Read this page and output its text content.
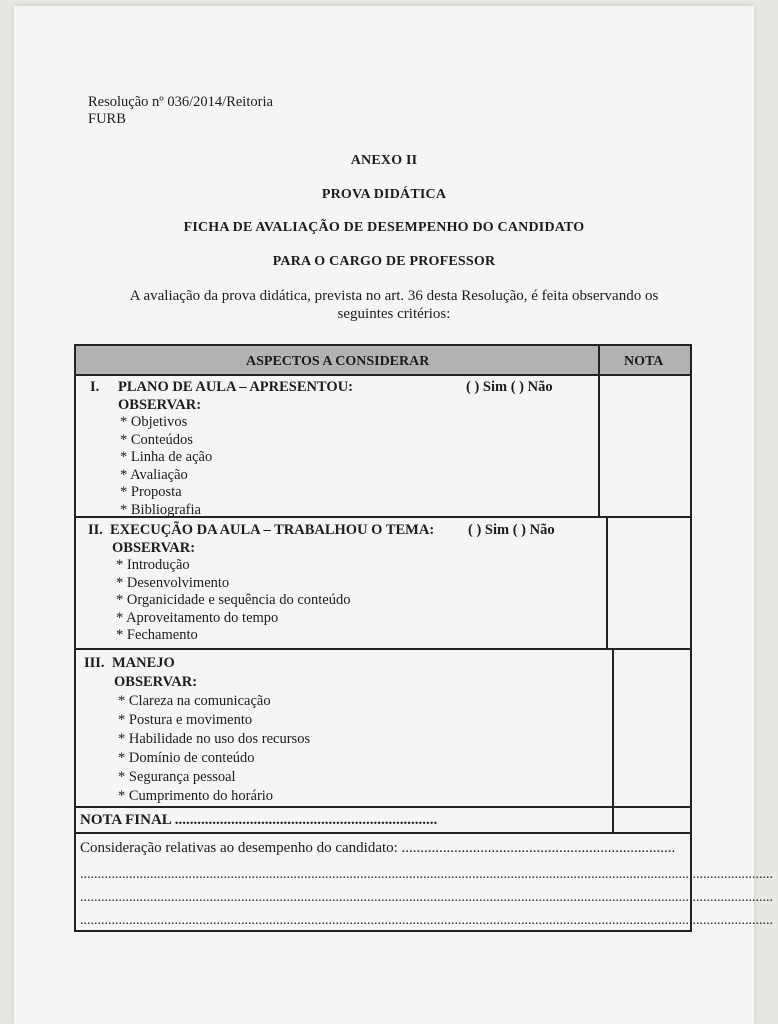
Resolução nº 036/2014/Reitoria
FURB
ANEXO II
PROVA DIDÁTICA
FICHA DE AVALIAÇÃO DE DESEMPENHO DO CANDIDATO
PARA O CARGO DE PROFESSOR
A avaliação da prova didática, prevista no art. 36 desta Resolução, é feita observando os
seguintes critérios:
ASPECTOS A CONSIDERAR	NOTA
I. PLANO DE AULA – APRESENTOU:	( ) Sim ( ) Não
OBSERVAR:
* Objetivos
* Conteúdos
* Linha de ação
* Avaliação
* Proposta
* Bibliografia
II. EXECUÇÃO DA AULA – TRABALHOU O TEMA: ( ) Sim ( ) Não
OBSERVAR:
* Introdução
* Desenvolvimento
* Organicidade e sequência do conteúdo
* Aproveitamento do tempo
* Fechamento
III. MANEJO
OBSERVAR:
* Clareza na comunicação
* Postura e movimento
* Habilidade no uso dos recursos
* Domínio de conteúdo
* Segurança pessoal
* Cumprimento do horário
NOTA FINAL ......................................................................
Consideração relativas ao desempenho do candidato: .........................................................................
......................................................................................................................................................................................................
......................................................................................................................................................................................................
......................................................................................................................................................................................................
